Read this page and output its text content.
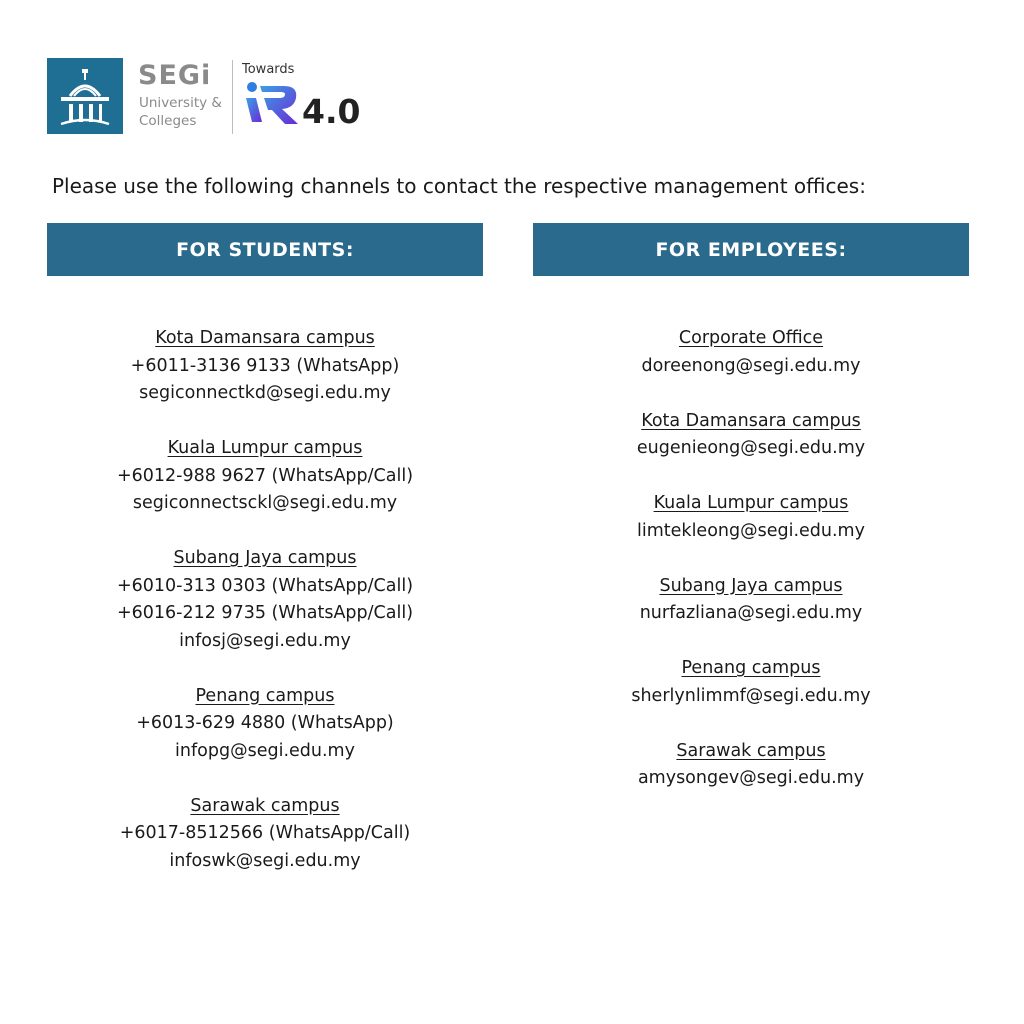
SEGi
University &
Colleges
Towards
4.0
Please use the following channels to contact the respective management offices:
FOR STUDENTS:	FOR EMPLOYEES:
Kota Damansara campus
+6011-3136 9133 (WhatsApp)
segiconnectkd@segi.edu.my
Kuala Lumpur campus
+6012-988 9627 (WhatsApp/Call)
segiconnectsckl@segi.edu.my
Subang Jaya campus
+6010-313 0303 (WhatsApp/Call)
+6016-212 9735 (WhatsApp/Call)
infosj@segi.edu.my
Penang campus
+6013-629 4880 (WhatsApp)
infopg@segi.edu.my
Sarawak campus
+6017-8512566 (WhatsApp/Call)
infoswk@segi.edu.my
Corporate Office
doreenong@segi.edu.my
Kota Damansara campus
eugenieong@segi.edu.my
Kuala Lumpur campus
limtekleong@segi.edu.my
Subang Jaya campus
nurfazliana@segi.edu.my
Penang campus
sherlynlimmf@segi.edu.my
Sarawak campus
amysongev@segi.edu.my
